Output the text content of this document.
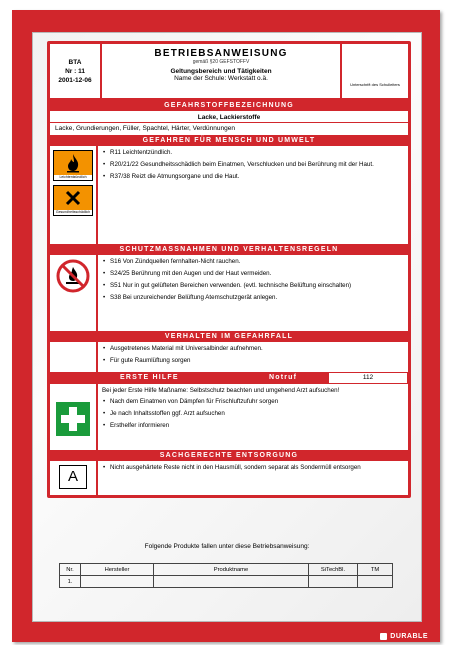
BTA
Nr : 11
2001-12-06
BETRIEBSANWEISUNG
gemäß §20 GEFSTOFFV
Geltungsbereich und Tätigkeiten
Name der Schule: Werkstatt o.ä.
Unterschrift des Schulleiters
GEFAHRSTOFFBEZEICHNUNG
Lacke, Lackierstoffe
Lacke, Grundierungen, Füller, Spachtel, Härter, Verdünnungen
GEFAHREN FÜR MENSCH UND UMWELT
Leichtentzündlich
Gesundheitsschädlich
• R11 Leichtentzündlich.
• R20/21/22 Gesundheitsschädlich beim Einatmen, Verschlucken und bei Berührung mit der Haut.
• R37/38 Reizt die Atmungsorgane und die Haut.
SCHUTZMASSNAHMEN UND VERHALTENSREGELN
• S16 Von Zündquellen fernhalten-Nicht rauchen.
• S24/25 Berührung mit den Augen und der Haut vermeiden.
• S51 Nur in gut gelüfteten Bereichen verwenden. (evtl. technische Belüftung einschalten)
• S38 Bei unzureichender Belüftung Atemschutzgerät anlegen.
VERHALTEN IM GEFAHRFALL
• Ausgetretenes Material mit Universalbinder aufnehmen.
• Für gute Raumlüftung sorgen
ERSTE HILFE	Notruf	112
Bei jeder Erste Hilfe Maßname: Selbstschutz beachten und umgehend Arzt aufsuchen!
• Nach dem Einatmen von Dämpfen für Frischluftzufuhr sorgen
• Je nach Inhaltsstoffen ggf. Arzt aufsuchen
• Ersthelfer informieren
SACHGERECHTE ENTSORGUNG
A
• Nicht ausgehärtete Reste nicht in den Hausmüll, sondern separat als Sondermüll entsorgen
Folgende Produkte fallen unter diese Betriebsanweisung:
Nr.	Hersteller	Produktname	SiTechBl.	TM
1.				
DURABLE
